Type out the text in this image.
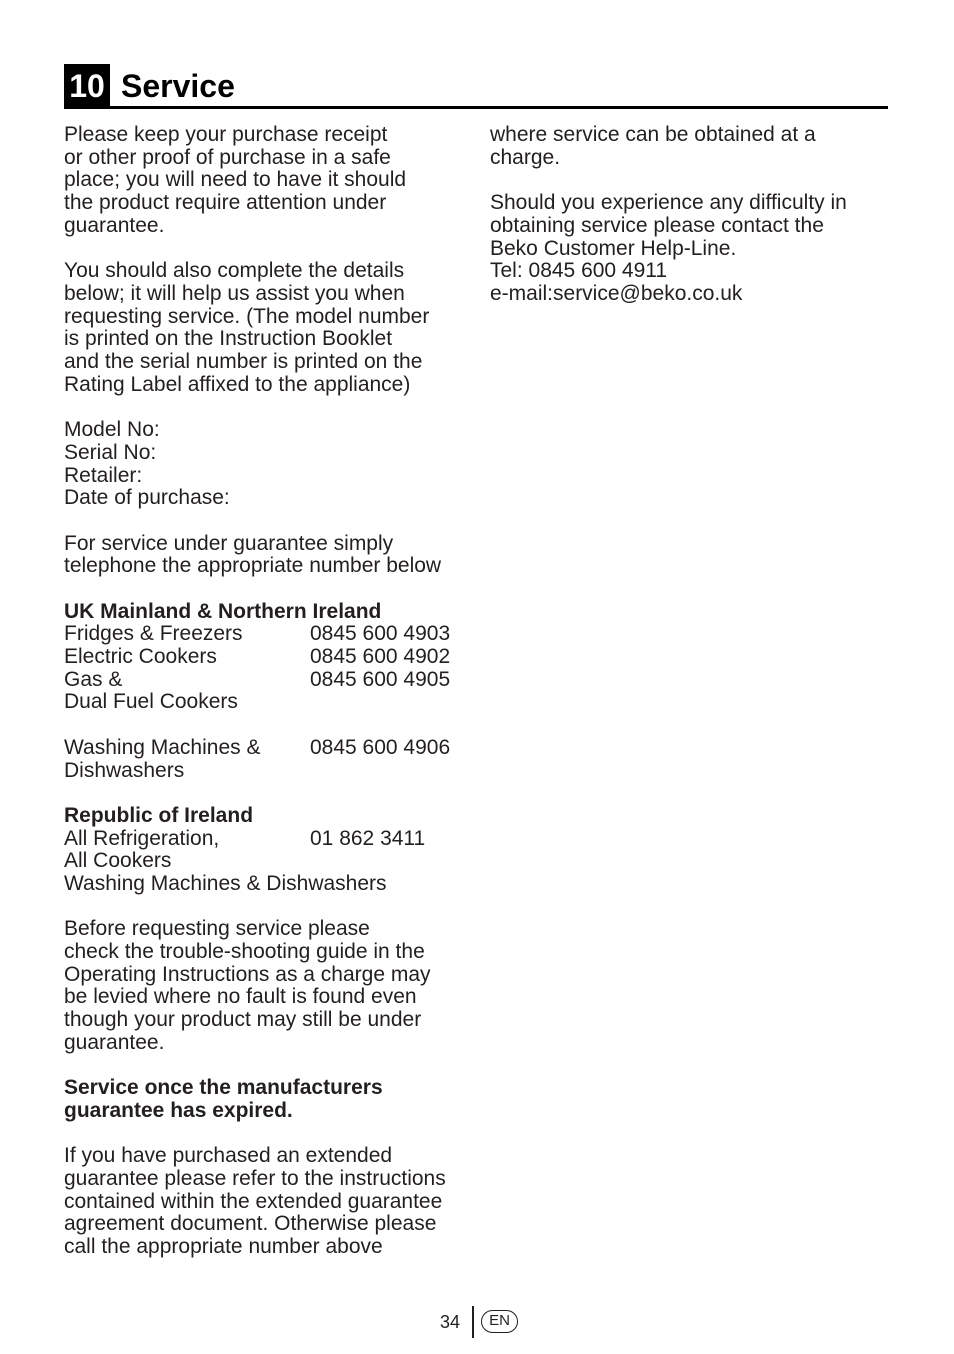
10 Service
Please keep your purchase receipt
or other proof of purchase in a safe
place; you will need to have it should
the product require attention under
guarantee.
You should also complete the details
below; it will help us assist you when
requesting service. (The model number
is printed on the Instruction Booklet
and the serial number is printed on the
Rating Label affixed to the appliance)
Model No:
Serial No:
Retailer:
Date of purchase:
For service under guarantee simply
telephone the appropriate number below
UK Mainland & Northern Ireland
Fridges & Freezers	0845 600 4903
Electric Cookers	0845 600 4902
Gas &	0845 600 4905
Dual Fuel Cookers
Washing Machines & 0845 600 4906
Dishwashers
Republic of Ireland
All Refrigeration,	01 862 3411
All Cookers
Washing Machines & Dishwashers
Before requesting service please
check the trouble-shooting guide in the
Operating Instructions as a charge may
be levied where no fault is found even
though your product may still be under
guarantee.
Service once the manufacturers
guarantee has expired.
If you have purchased an extended
guarantee please refer to the instructions
contained within the extended guarantee
agreement document. Otherwise please
call the appropriate number above
where service can be obtained at a
charge.
Should you experience any difficulty in
obtaining service please contact the
Beko Customer Help-Line.
Tel: 0845 600 4911
e-mail:service@beko.co.uk
34	EN
